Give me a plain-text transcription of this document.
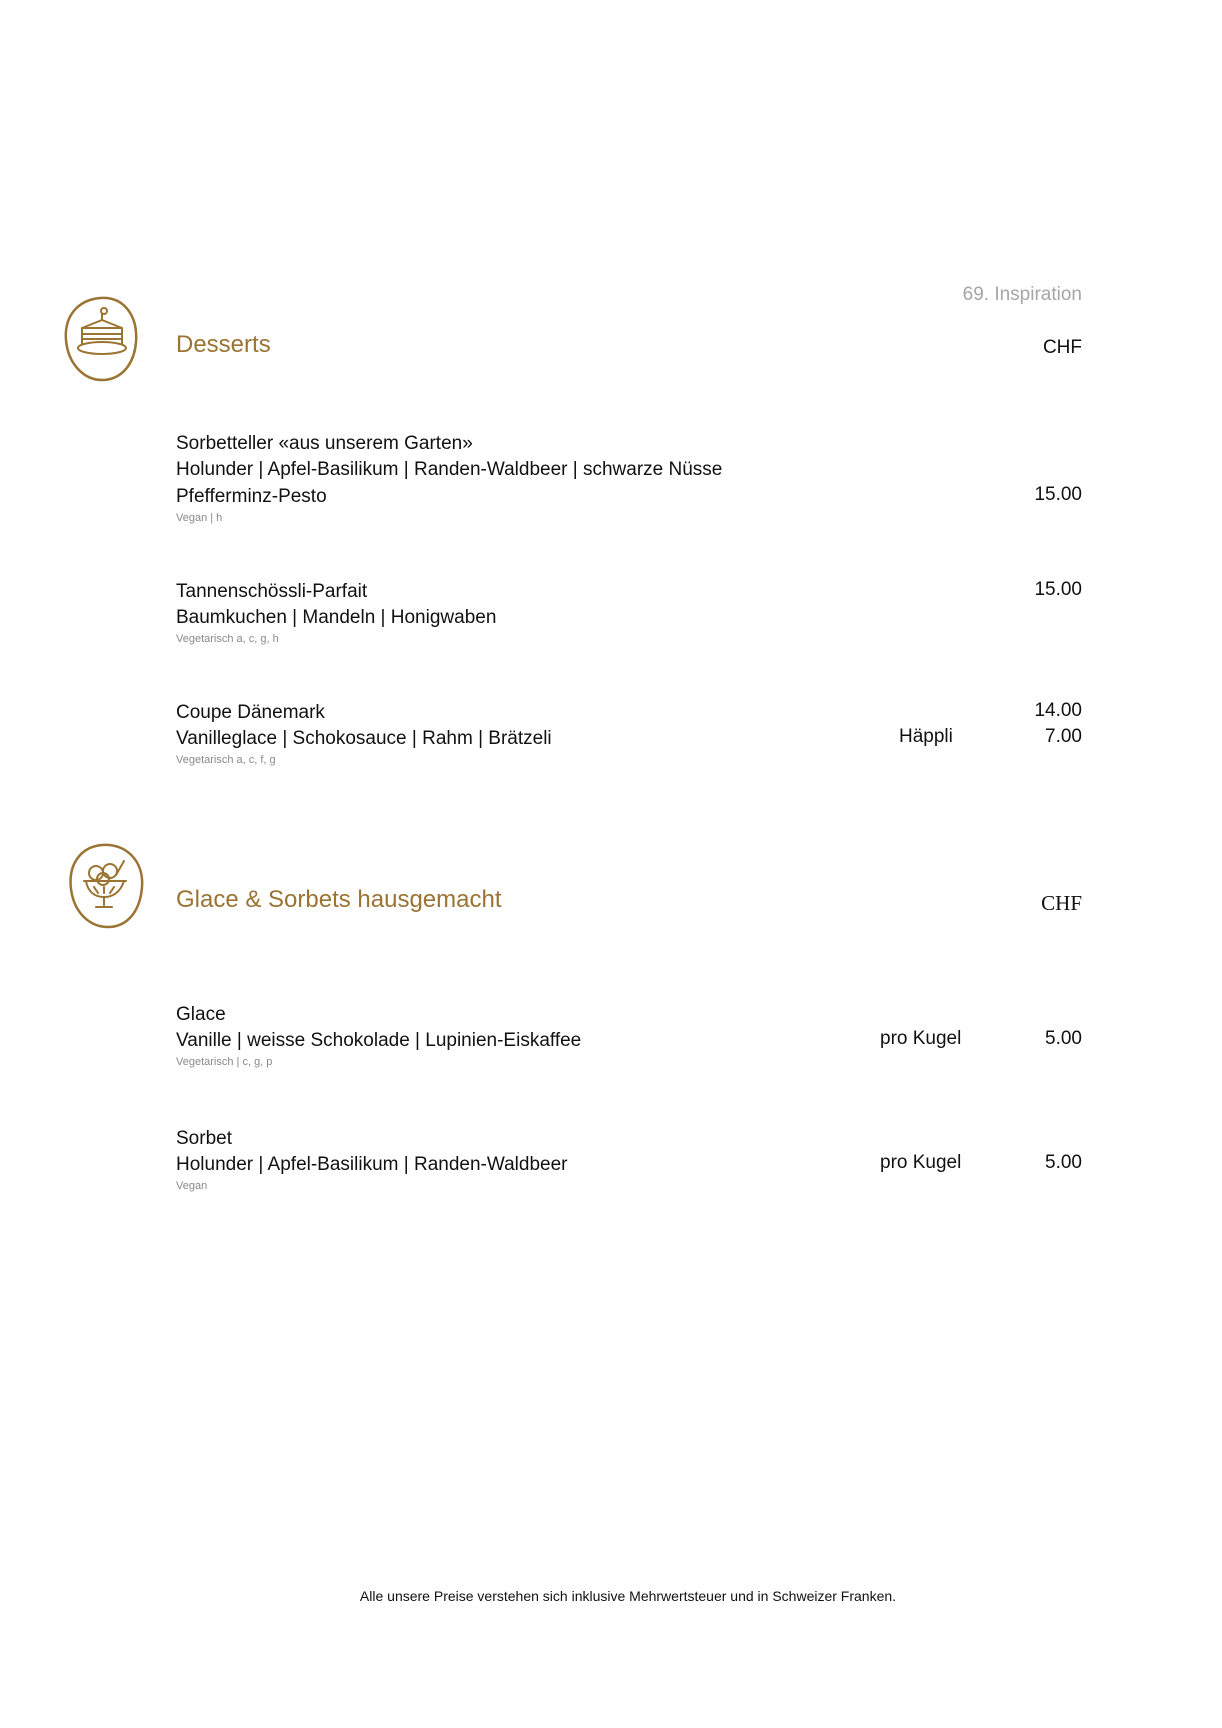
69. Inspiration
Desserts	CHF
Sorbetteller «aus unserem Garten»
Holunder | Apfel-Basilikum | Randen-Waldbeer | schwarze Nüsse
Pfefferminz-Pesto	15.00
Vegan | h
Tannenschössli-Parfait	15.00
Baumkuchen | Mandeln | Honigwaben
Vegetarisch a, c, g, h
Coupe Dänemark	14.00
Vanilleglace | Schokosauce | Rahm | Brätzeli	Häppli	7.00
Vegetarisch a, c, f, g
Glace & Sorbets hausgemacht	CHF
Glace
Vanille | weisse Schokolade | Lupinien-Eiskaffee	pro Kugel	5.00
Vegetarisch | c, g, p
Sorbet
Holunder | Apfel-Basilikum | Randen-Waldbeer	pro Kugel	5.00
Vegan
Alle unsere Preise verstehen sich inklusive Mehrwertsteuer und in Schweizer Franken.
